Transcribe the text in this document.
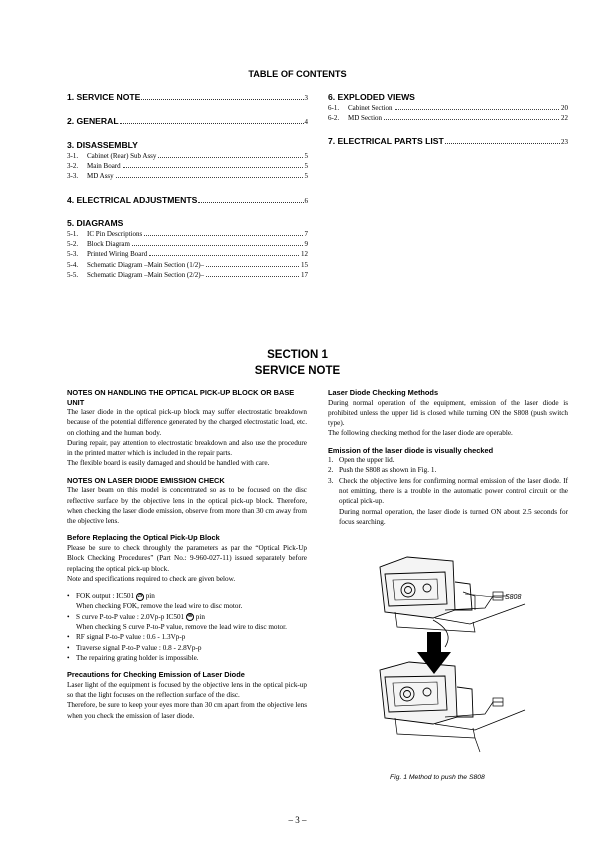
TABLE OF CONTENTS
1. SERVICE NOTE	3
2. GENERAL	4
3. DISASSEMBLY
3-1.	Cabinet (Rear) Sub Assy	5
3-2.	Main Board	5
3-3.	MD Assy	5
4. ELECTRICAL ADJUSTMENTS	6
5. DIAGRAMS
5-1.	IC Pin Descriptions	7
5-2.	Block Diagram	9
5-3.	Printed Wiring Board	12
5-4.	Schematic Diagram –Main Section (1/2)–	15
5-5.	Schematic Diagram –Main Section (2/2)–	17
6. EXPLODED VIEWS
6-1.	Cabinet Section	20
6-2.	MD Section	22
7. ELECTRICAL PARTS LIST	23
SECTION 1
SERVICE NOTE
NOTES ON HANDLING THE OPTICAL PICK-UP BLOCK OR BASE UNIT

The laser diode in the optical pick-up block may suffer electrostatic breakdown because of the potential difference generated by the charged electrostatic load, etc. on clothing and the human body.

During repair, pay attention to electrostatic breakdown and also use the procedure in the printed matter which is included in the repair parts.

The flexible board is easily damaged and should be handled with care.

NOTES ON LASER DIODE EMISSION CHECK

The laser beam on this model is concentrated so as to be focused on the disc reflective surface by the objective lens in the optical pick-up block. Therefore, when checking the laser diode emission, observe from more than 30 cm away from the objective lens.

Before Replacing the Optical Pick-Up Block

Please be sure to check throughly the parameters as par the “Optical Pick-Up Block Checking Procedures” (Part No.: 9-960-027-11) issued separately before replacing the optical pick-up block.

Note and specifications required to check are given below.

• FOK output : IC501 29 pin
When checking FOK, remove the lead wire to disc motor.
• S curve P-to-P value : 2.0Vp-p IC501 46 pin
When checking S curve P-to-P value, remove the lead wire to disc motor.
• RF signal P-to-P value : 0.6 - 1.3Vp-p
• Traverse signal P-to-P value : 0.8 - 2.8Vp-p
• The repairing grating holder is impossible.
Precautions for Checking Emission of Laser Diode

Laser light of the equipment is focused by the objective lens in the optical pick-up so that the light focuses on the reflection surface of the disc.

Therefore, be sure to keep your eyes more than 30 cm apart from the objective lens when you check the emission of laser diode.

Laser Diode Checking Methods

During normal operation of the equipment, emission of the laser diode is prohibited unless the upper lid is closed while turning ON the S808 (push switch type).

The following checking method for the laser diode are operable.

Emission of the laser diode is visually checked
1. Open the upper lid.
2. Push the S808 as shown in Fig. 1.
3. Check the objective lens for confirming normal emission of the laser diode. If not emitting, there is a trouble in the automatic power control circuit or the optical pick-up.
During normal operation, the laser diode is turned ON about 2.5 seconds for focus searching.
S808
Fig. 1 Method to push the S808
– 3 –
